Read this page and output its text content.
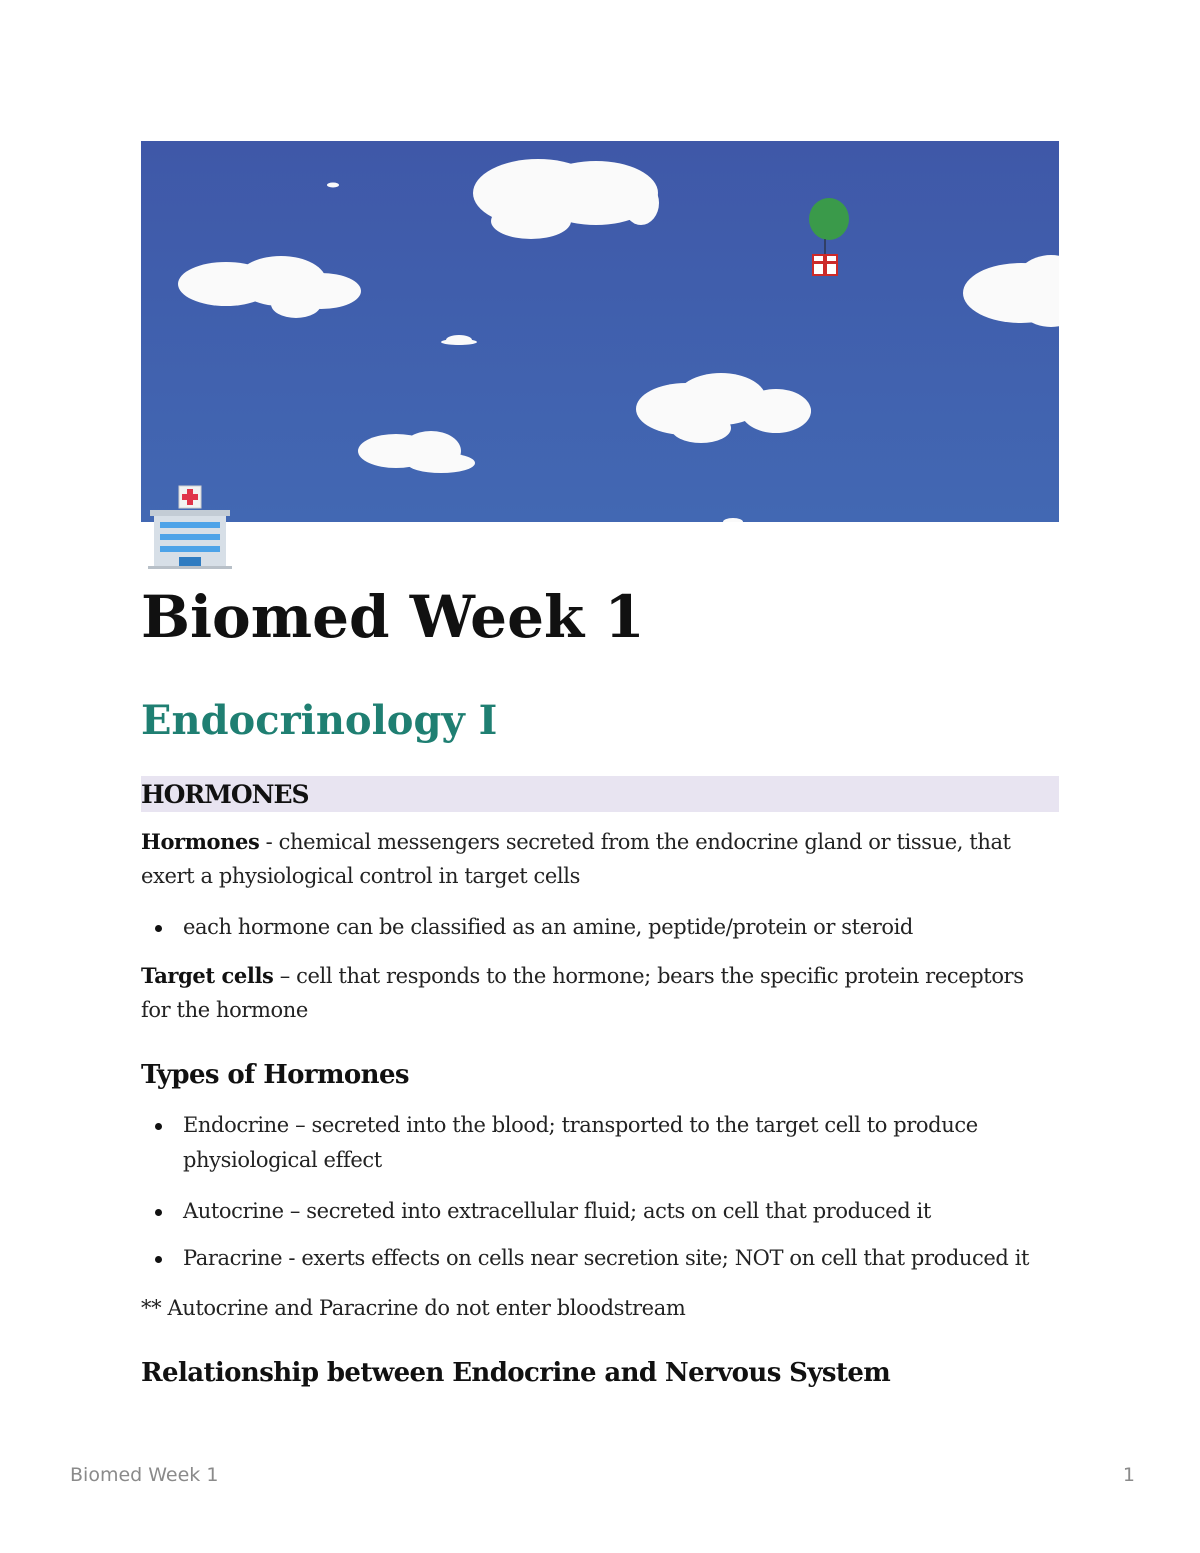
Biomed Week 1
Endocrinology I
HORMONES

Hormones - chemical messengers secreted from the endocrine gland or tissue, that

exert a physiological control in target cells

each hormone can be classified as an amine, peptide/protein or steroid

Target cells – cell that responds to the hormone; bears the specific protein receptors

for the hormone

Types of Hormones

Endocrine – secreted into the blood; transported to the target cell to produce

physiological effect

Autocrine – secreted into extracellular fluid; acts on cell that produced it

Paracrine - exerts effects on cells near secretion site; NOT on cell that produced it

** Autocrine and Paracrine do not enter bloodstream

Relationship between Endocrine and Nervous System
Biomed Week 1	1
